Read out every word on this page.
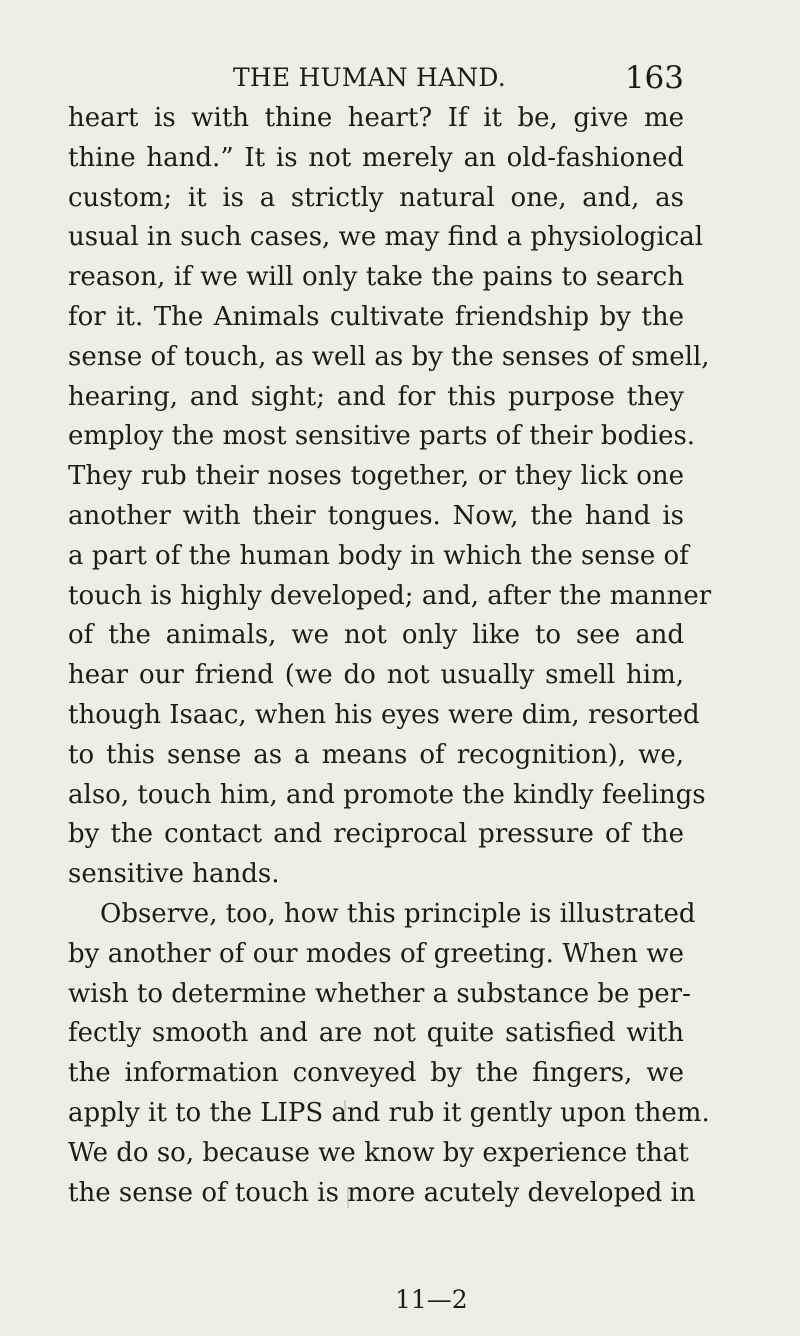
THE HUMAN HAND.	163
heart is with thine heart? If it be, give me
thine hand.” It is not merely an old-fashioned
custom; it is a strictly natural one, and, as
usual in such cases, we may find a physiological
reason, if we will only take the pains to search
for it. The Animals cultivate friendship by the
sense of touch, as well as by the senses of smell,
hearing, and sight; and for this purpose they
employ the most sensitive parts of their bodies.
They rub their noses together, or they lick one
another with their tongues. Now, the hand is
a part of the human body in which the sense of
touch is highly developed; and, after the manner
of the animals, we not only like to see and
hear our friend (we do not usually smell him,
though Isaac, when his eyes were dim, resorted
to this sense as a means of recognition), we,
also, touch him, and promote the kindly feelings
by the contact and reciprocal pressure of the
sensitive hands.
Observe, too, how this principle is illustrated
by another of our modes of greeting. When we
wish to determine whether a substance be per-
fectly smooth and are not quite satisfied with
the information conveyed by the fingers, we
apply it to the LIPS and rub it gently upon them.
We do so, because we know by experience that
the sense of touch is more acutely developed in
11—2
